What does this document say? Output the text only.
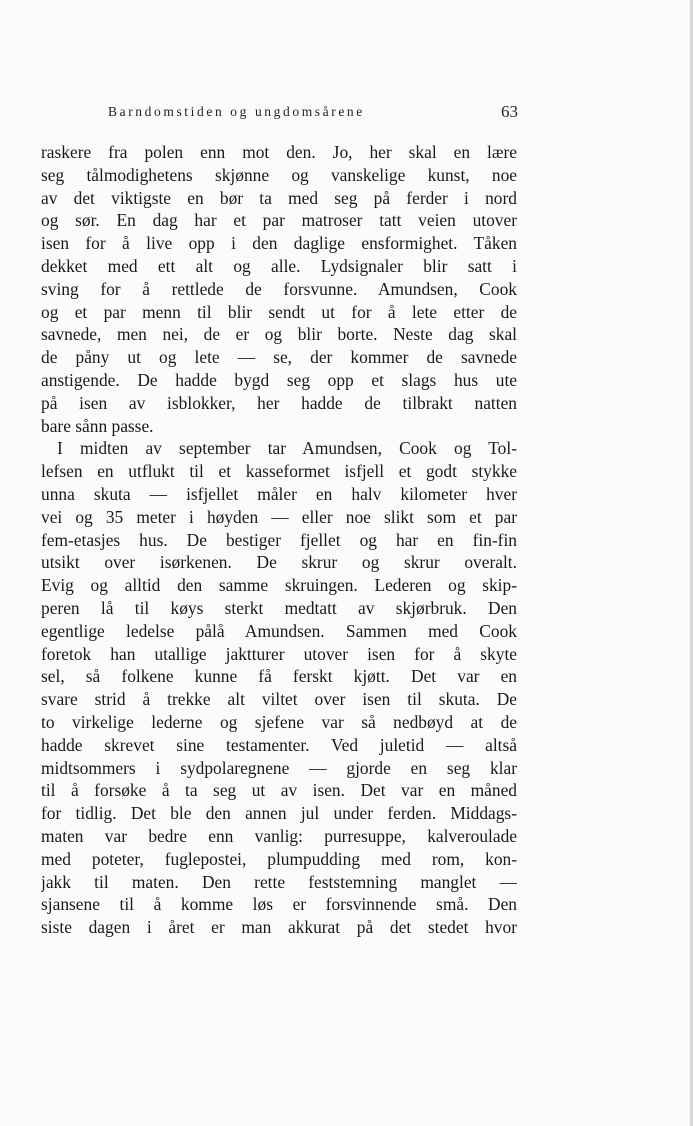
Barndomstiden og ungdomsårene	63
raskere fra polen enn mot den. Jo, her skal en lære
seg tålmodighetens skjønne og vanskelige kunst, noe
av det viktigste en bør ta med seg på ferder i nord
og sør. En dag har et par matroser tatt veien utover
isen for å live opp i den daglige ensformighet. Tåken
dekket med ett alt og alle. Lydsignaler blir satt i
sving for å rettlede de forsvunne. Amundsen, Cook
og et par menn til blir sendt ut for å lete etter de
savnede, men nei, de er og blir borte. Neste dag skal
de påny ut og lete — se, der kommer de savnede
anstigende. De hadde bygd seg opp et slags hus ute
på isen av isblokker, her hadde de tilbrakt natten
bare sånn passe.
I midten av september tar Amundsen, Cook og Tol-
lefsen en utflukt til et kasseformet isfjell et godt stykke
unna skuta — isfjellet måler en halv kilometer hver
vei og 35 meter i høyden — eller noe slikt som et par
fem-etasjes hus. De bestiger fjellet og har en fin-fin
utsikt over isørkenen. De skrur og skrur overalt.
Evig og alltid den samme skruingen. Lederen og skip-
peren lå til køys sterkt medtatt av skjørbruk. Den
egentlige ledelse pålå Amundsen. Sammen med Cook
foretok han utallige jaktturer utover isen for å skyte
sel, så folkene kunne få ferskt kjøtt. Det var en
svare strid å trekke alt viltet over isen til skuta. De
to virkelige lederne og sjefene var så nedbøyd at de
hadde skrevet sine testamenter. Ved juletid — altså
midtsommers i sydpolaregnene — gjorde en seg klar
til å forsøke å ta seg ut av isen. Det var en måned
for tidlig. Det ble den annen jul under ferden. Middags-
maten var bedre enn vanlig: purresuppe, kalveroulade
med poteter, fuglepostei, plumpudding med rom, kon-
jakk til maten. Den rette feststemning manglet —
sjansene til å komme løs er forsvinnende små. Den
siste dagen i året er man akkurat på det stedet hvor
